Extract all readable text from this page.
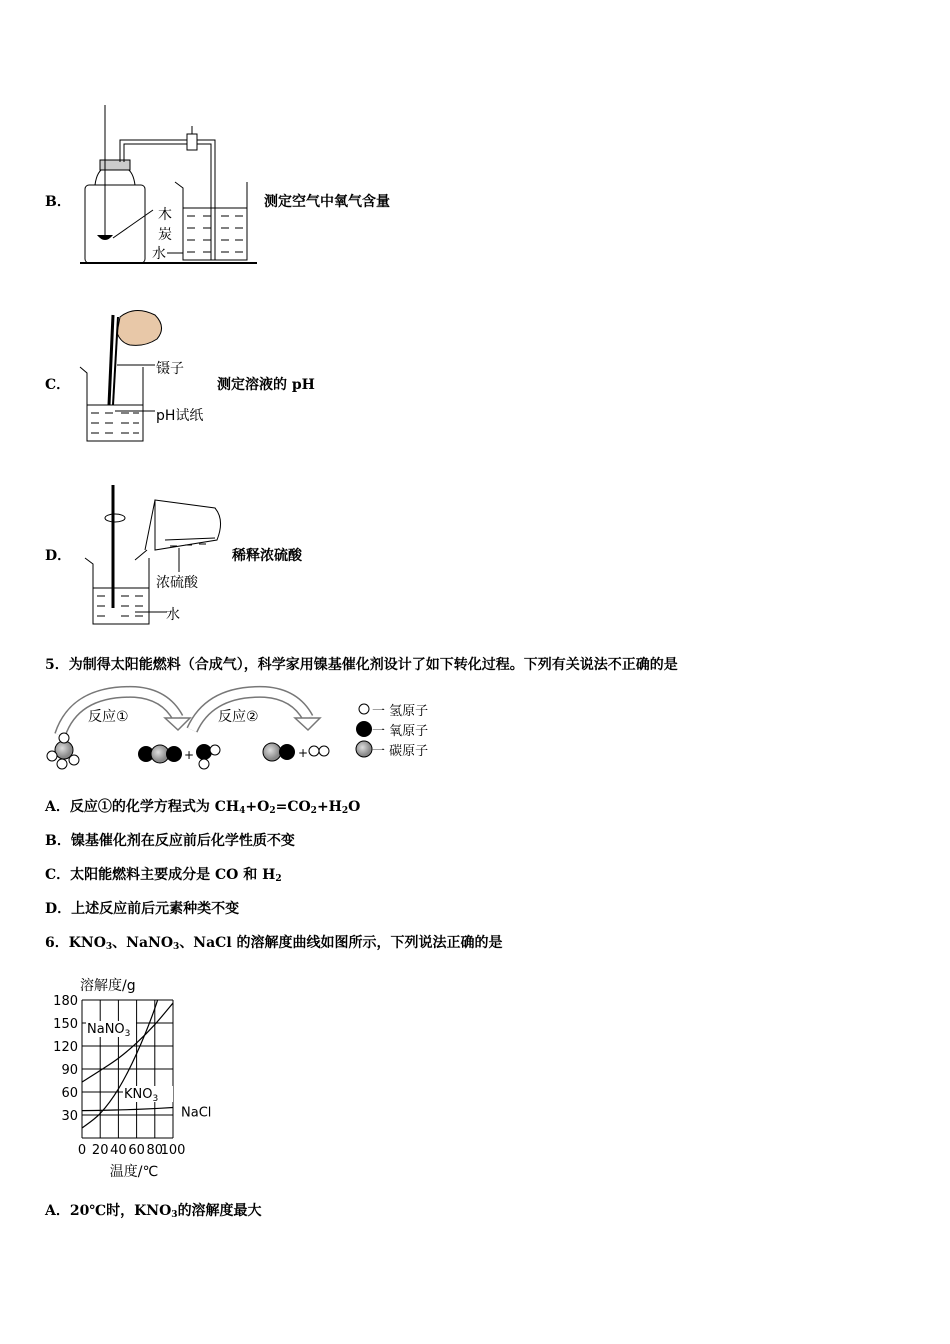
B．
木
炭
水
测定空气中氧气含量
C．
镊子
pH试纸
测定溶液的 pH
D．
浓硫酸
水
稀释浓硫酸
5．为制得太阳能燃料（合成气），科学家用镍基催化剂设计了如下转化过程。下列有关说法不正确的是
+	+
反应①	反应②	一 氢原子
一 氧原子
一 碳原子
A．反应①的化学方程式为 $CH_4+O_2=CO_2+H_2O$
B．镍基催化剂在反应前后化学性质不变
C．太阳能燃料主要成分是 CO 和 $H_2$
D．上述反应前后元素种类不变
6．$KNO_3$、NaNO$_3$、NaCl 的溶解度曲线如图所示，下列说法正确的是
180
150
120
90
60
30
0 20 40 60 80
100
溶解度/g
温度/℃
NaNO$_3$
$KNO_3$
NaCl
A．20℃时，$KNO_3$的溶解度最大
